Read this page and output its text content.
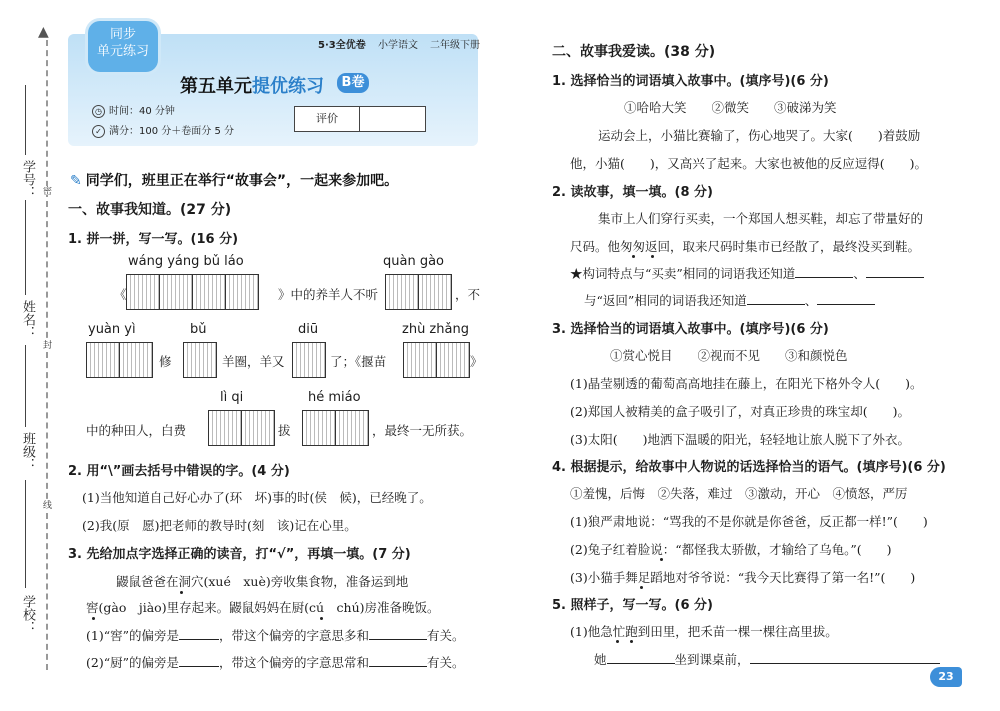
学号：
姓名：
班级：
学校：
密
封
线
▲	同步
单元练习	5·3全优卷 小学语文 二年级下册
第五单元提优练习	B卷
◷ 时间：40 分钟
✓ 满分：100 分＋卷面分 5 分
评价
✎ 同学们，班里正在举行“故事会”，一起来参加吧。
一、故事我知道。(27 分)
1. 拼一拼，写一写。(16 分)
wáng yáng bǔ láo	quàn gào
《	》中的养羊人不听	，不
yuàn yì	bǔ	diū	zhù zhǎng
修	羊圈，羊又	了；《揠苗	》
lì qi	hé miáo
中的种田人，白费	拔	，最终一无所获。
2. 用“\”画去括号中错误的字。(4 分)
(1)当他知道自己好心办了(环　坏)事的时(侯　候)，已经晚了。
(2)我(原　愿)把老师的教导时(刻　该)记在心里。
3. 先给加点字选择正确的读音，打“√”，再填一填。(7 分)
鼹鼠爸爸在洞穴(xué　xuè)旁收集食物，准备运到地
窖(gào　jiào)里存起来。鼹鼠妈妈在厨(cú　chú)房准备晚饭。
(1)“窖”的偏旁是	，带这个偏旁的字意思多和	有关。
(2)“厨”的偏旁是	，带这个偏旁的字意思常和	有关。
二、故事我爱读。(38 分)
1. 选择恰当的词语填入故事中。(填序号)(6 分)
①哈哈大笑　　②微笑　　③破涕为笑
运动会上，小猫比赛输了，伤心地哭了。大家(　　)着鼓励
他，小猫(　　)，又高兴了起来。大家也被他的反应逗得(　　)。
2. 读故事，填一填。(8 分)
集市上人们穿行买卖，一个郑国人想买鞋，却忘了带量好的
尺码。他匆匆返回，取来尺码时集市已经散了，最终没买到鞋。
★构词特点与“买卖”相同的词语我还知道	、
与“返回”相同的词语我还知道	、
3. 选择恰当的词语填入故事中。(填序号)(6 分)
①赏心悦目　　②视而不见　　③和颜悦色
(1)晶莹剔透的葡萄高高地挂在藤上，在阳光下格外令人(　　)。
(2)郑国人被精美的盒子吸引了，对真正珍贵的珠宝却(　　)。
(3)太阳(　　)地洒下温暖的阳光，轻轻地让旅人脱下了外衣。
4. 根据提示，给故事中人物说的话选择恰当的语气。(填序号)(6 分)
①羞愧，后悔　②失落，难过　③激动，开心　④愤怒，严厉
(1)狼严肃地说：“骂我的不是你就是你爸爸，反正都一样!”(　　)
(2)兔子红着脸说：“都怪我太骄傲，才输给了乌龟。”(　　)
(3)小猫手舞足蹈地对爷爷说：“我今天比赛得了第一名!”(　　)
5. 照样子，写一写。(6 分)
(1)他急忙跑到田里，把禾苗一棵一棵往高里拔。
她	坐到课桌前，
23
